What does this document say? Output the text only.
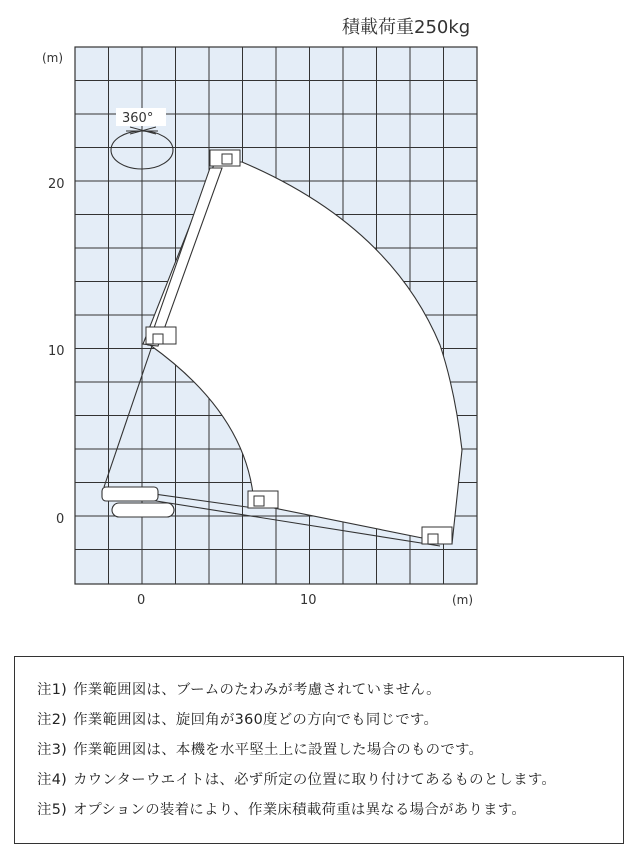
積載荷重250kg
(m)
(m)
20
10
0
0	10
360°
注1) 作業範囲図は、ブームのたわみが考慮されていません。
注2) 作業範囲図は、旋回角が360度どの方向でも同じです。
注3) 作業範囲図は、本機を水平堅土上に設置した場合のものです。
注4) カウンターウエイトは、必ず所定の位置に取り付けてあるものとします。
注5) オプションの装着により、作業床積載荷重は異なる場合があります。
